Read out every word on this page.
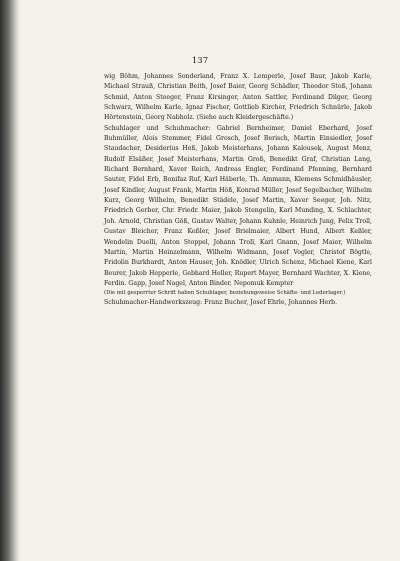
137

wig Böhm, Johannes Sonderland, Franz X. Lemperle, Josef Baur, Jakob Karle, Michael Strauß, Christian Beith, Josef Baier, Georg Schädler, Theodor Stoß, Johann Schmid, Anton Steeger, Franz Kirsinger, Anton Sattler, Ferdinand Dilger, Georg Schwarz, Wilhelm Karle, Ignaz Fischer, Gottlieb Kircher, Friedrich Schnürle, Jakob Hörtenstein, Georg Nabholz. (Siehe auch Kleidergeschäfte.)

Schuhlager und Schuhmacher: Gabriel Bernheimer, Daniel Eberhard, Josef Buhmüller, Alois Stemmer, Fidel Grosch, Josef Berisch, Martin Einsiedler, Josef Staudacher, Desiderius Heß, Jakob Meisterhans, Johann Kalousek, August Menz, Rudolf Elsäßer, Josef Meisterhans, Martin Groß, Benedikt Graf, Christian Lang, Richard Bernhard, Xaver Reich, Andreas Engler, Ferdinand Pfenning, Bernhard Sauter, Fidel Erb, Bonifaz Ruf, Karl Häberle, Th. Ammann, Klemens Schmidhäusler, Josef Kindler, August Frank, Martin Höß, Konrad Müller, Josef Segelbacher, Wilhelm Kurz, Georg Wilhelm, Benedikt Städele, Josef Martin, Xaver Seeger, Joh. Nitz, Friedrich Gerber, Chr. Friedr. Maier, Jakob Stengelin, Karl Munding, X. Schlachter, Joh. Arnold, Christian Göß, Gustav Walter, Johann Kuhnle, Heinrich Jung, Felix Troll, Gustav Bleicher, Franz Keßler, Josef Brielmaier, Albert Hund, Albert Keßler, Wendelin Duelli, Anton Stoppel, Johann Troll, Karl Gnann, Josef Maier, Wilhelm Martin, Martin Heinzelmann, Wilhelm Widmann, Josef Vogler, Christof Bögtle, Fridolin Burkhardt, Anton Hauser, Joh. Knödler, Ulrich Schenz, Michael Kiene, Karl Beurer, Jakob Hepperle, Gebhard Heller, Rupert Mayer, Bernhard Wachter, X. Kiene, Ferdin. Gapp, Josef Nagel, Anton Binder, Nepomuk Kempter

(Die mit gesperrter Schrift haben Schuhlager, beziehungsweise Schäfte- und Lederlager.)

Schuhmacher-Handwerkszeug: Franz Bucher, Josef Ehrle, Johannes Herb.
